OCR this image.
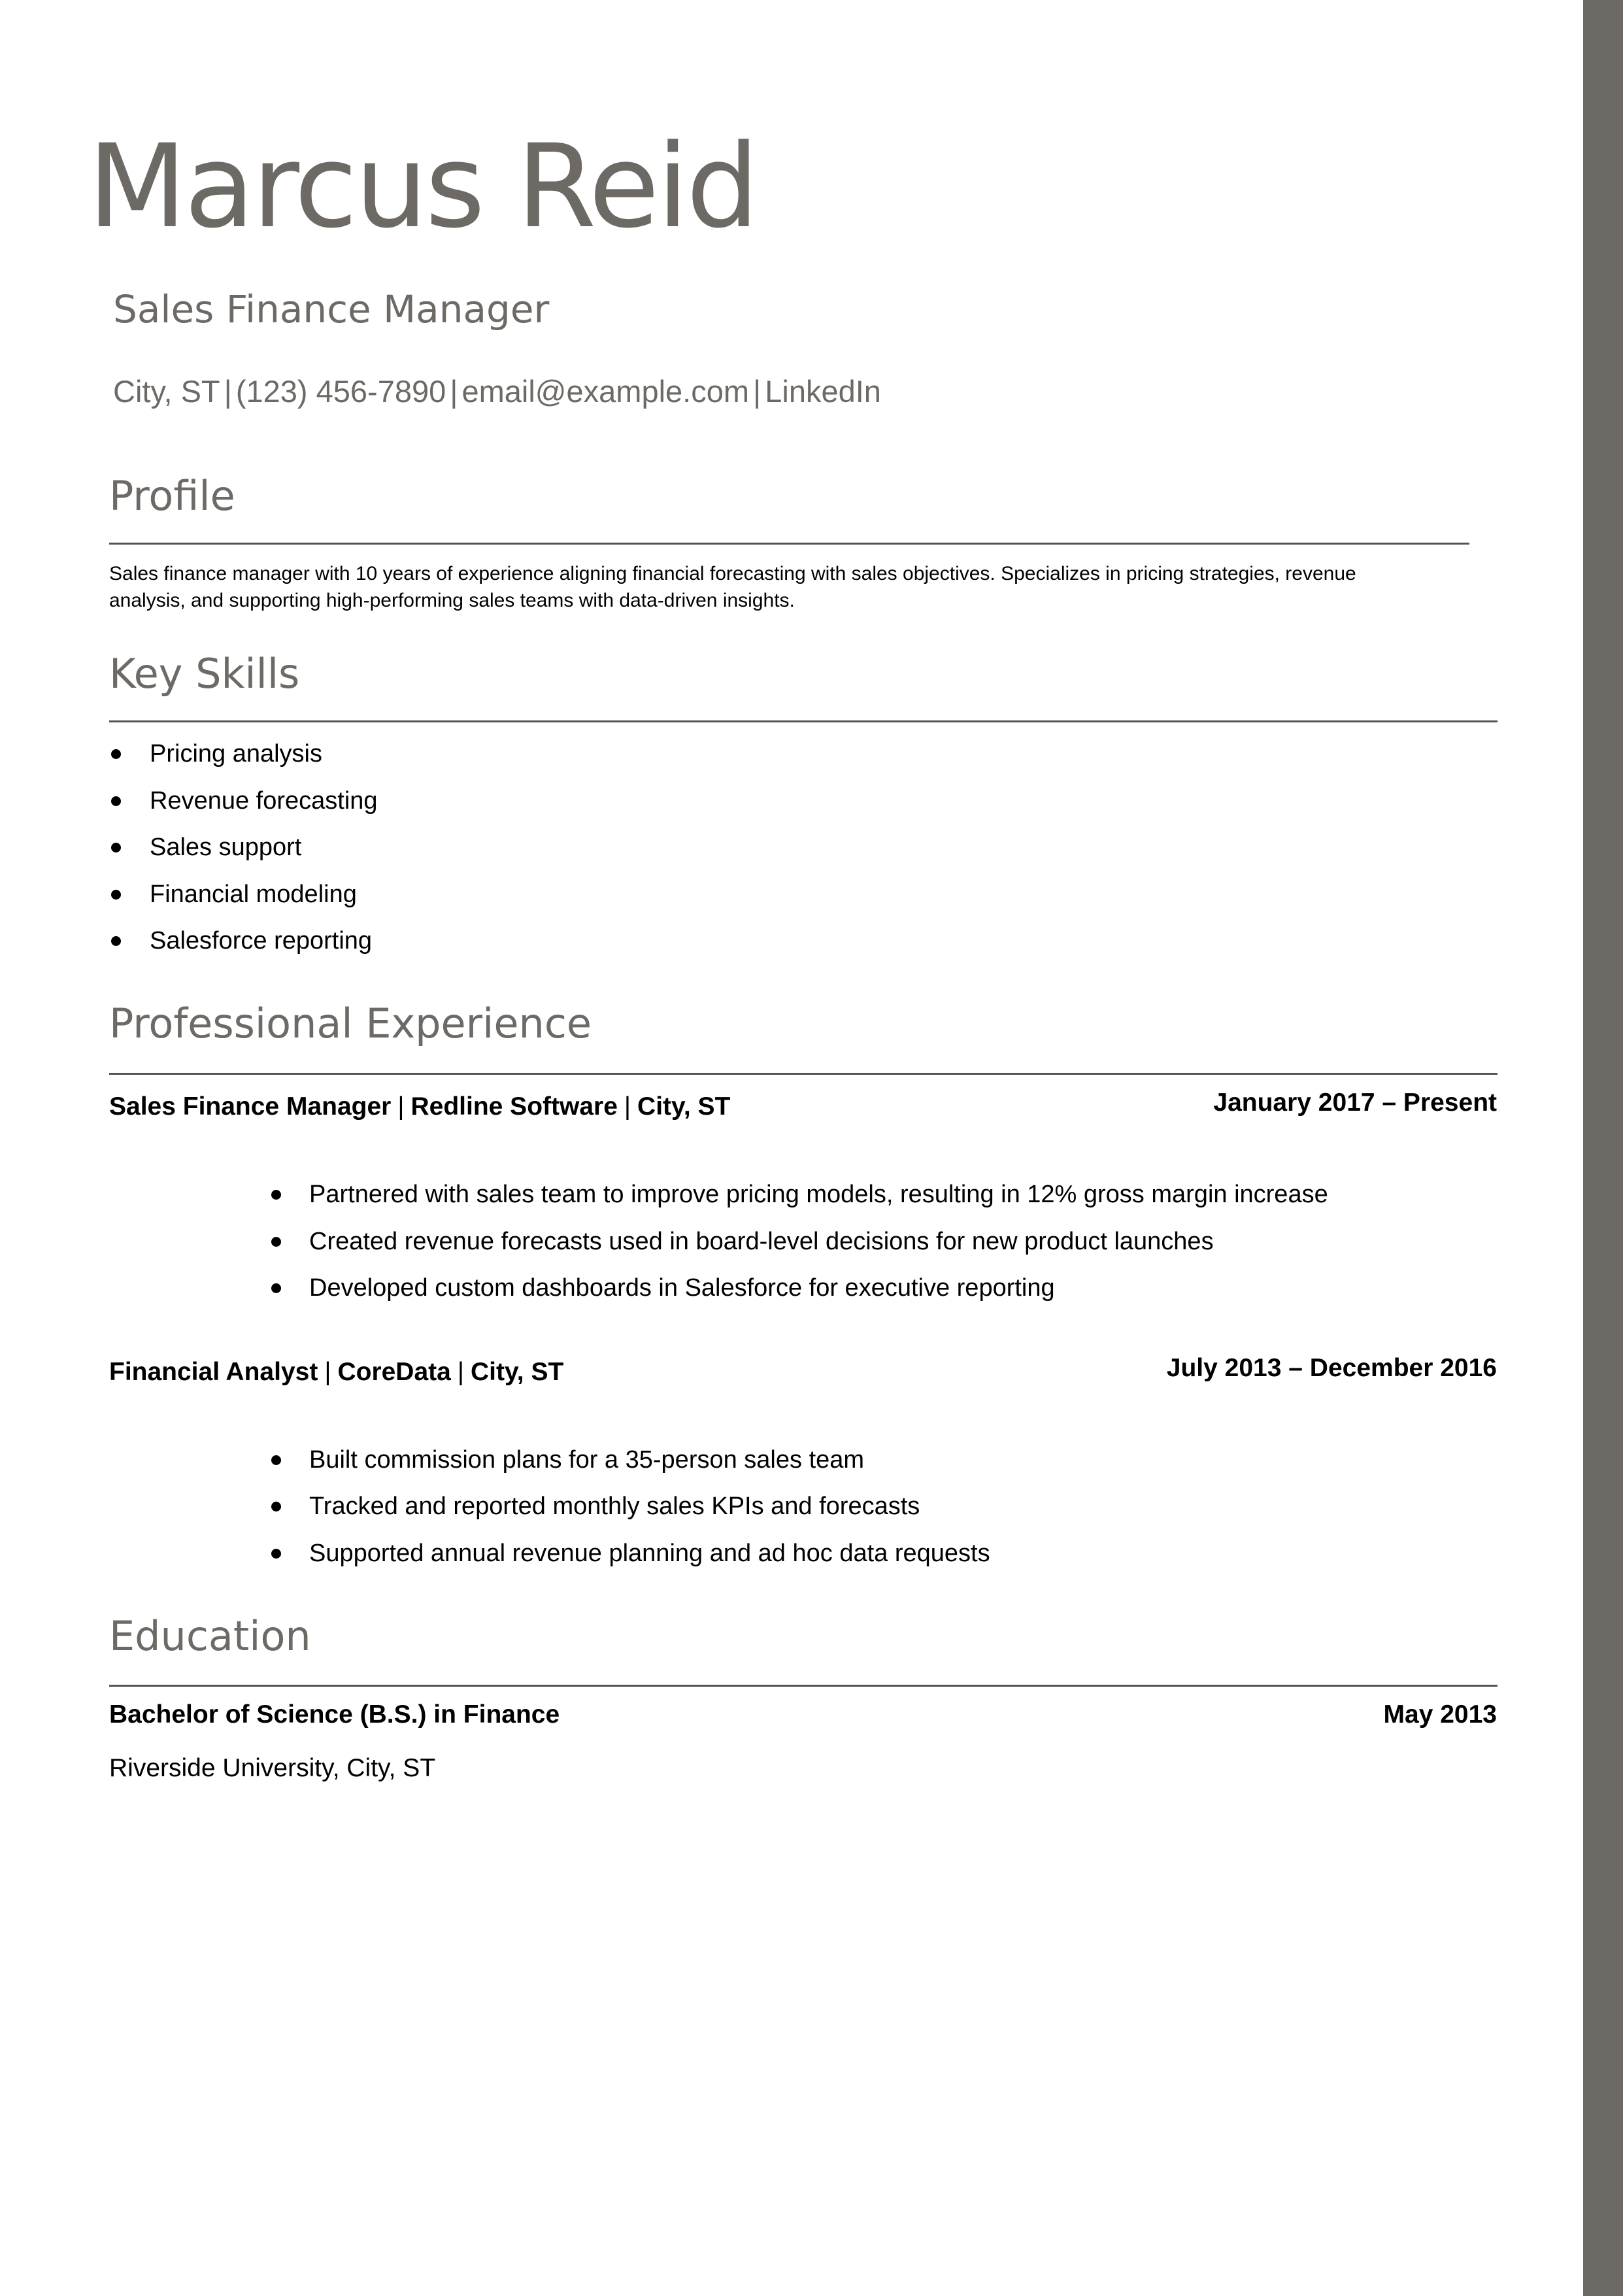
Marcus Reid
Sales Finance Manager
City, ST | (123) 456-7890 | email@example.com | LinkedIn
Profile
Sales finance manager with 10 years of experience aligning financial forecasting with sales objectives. Specializes in pricing strategies, revenue analysis, and supporting high-performing sales teams with data-driven insights.
Key Skills
Pricing analysis
Revenue forecasting
Sales support
Financial modeling
Salesforce reporting
Professional Experience
Sales Finance Manager | Redline Software | City, ST	January 2017 – Present
Partnered with sales team to improve pricing models, resulting in 12% gross margin increase
Created revenue forecasts used in board-level decisions for new product launches
Developed custom dashboards in Salesforce for executive reporting
Financial Analyst | CoreData | City, ST	July 2013 – December 2016
Built commission plans for a 35-person sales team
Tracked and reported monthly sales KPIs and forecasts
Supported annual revenue planning and ad hoc data requests
Education
Bachelor of Science (B.S.) in Finance	May 2013
Riverside University, City, ST
